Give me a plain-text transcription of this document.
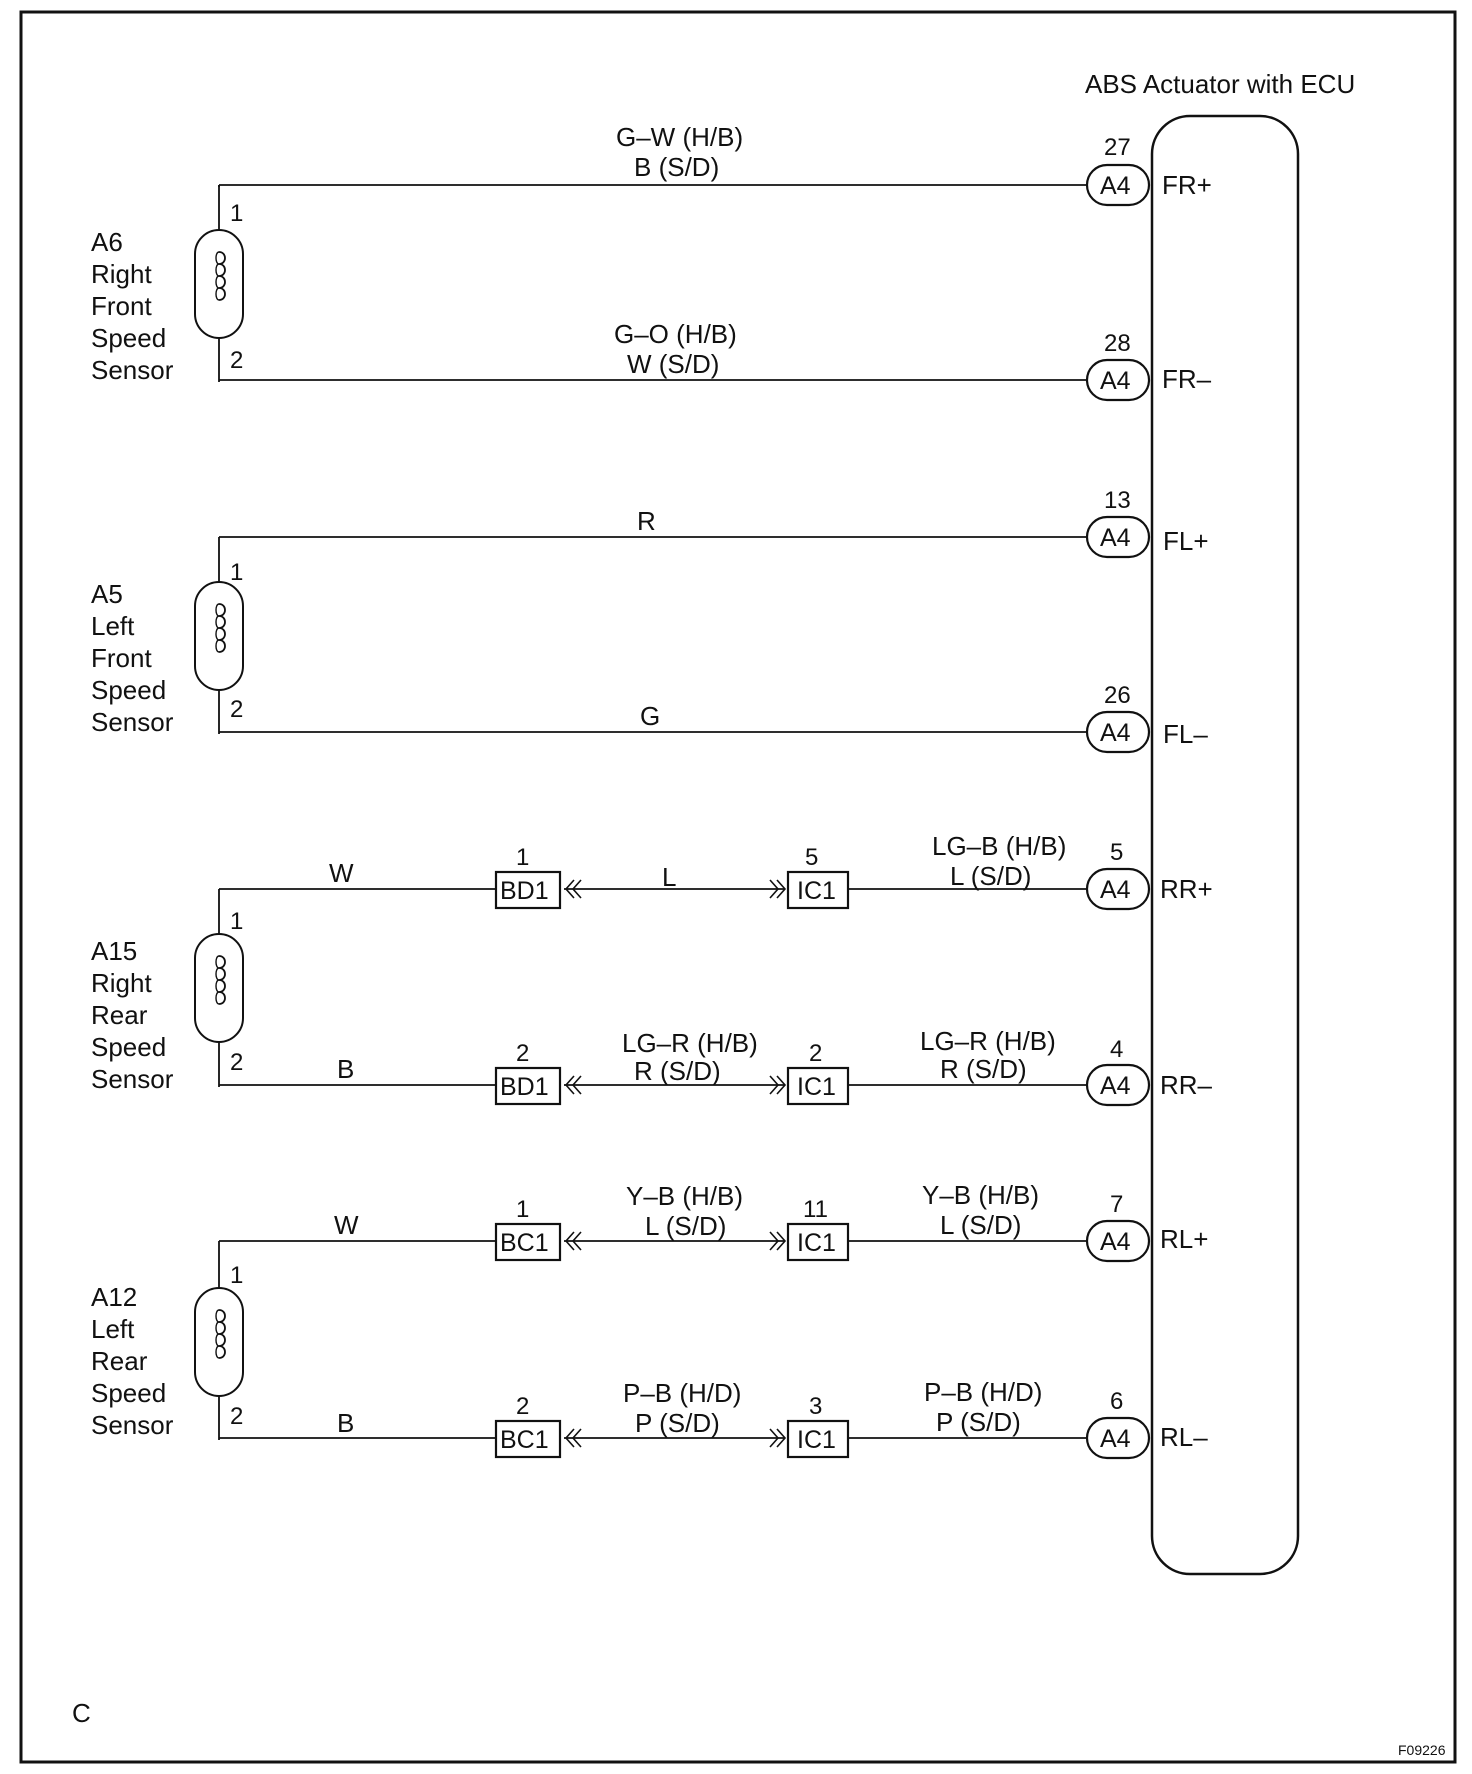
ABS Actuator with ECU
A6
Right
Front
Speed
Sensor
A5
Left
Front
Speed
Sensor
A15
Right
Rear
Speed
Sensor
A12
Left
Rear
Speed
Sensor
1
2
1
2
1
2
1
2
G–W (H/B)
B (S/D)
G–O (H/B)
W (S/D)
R
G
W	L
LG–B (H/B)
L (S/D)
B
LG–R (H/B)
R (S/D)
LG–R (H/B)
R (S/D)
W
Y–B (H/B)
L (S/D)
Y–B (H/B)
L (S/D)
B
P–B (H/D)
P (S/D)
P–B (H/D)
P (S/D)
BD1
1
BD1
2
BC1
1
BC1
2
IC1
5
IC1
2
IC1
11
IC1
3
A4
27
FR+
A4
28
FR–
A4
13
FL+
A4
26
FL–
A4
5
RR+
A4
4
RR–
A4
7
RL+
A4
6
RL–
C
F09226
